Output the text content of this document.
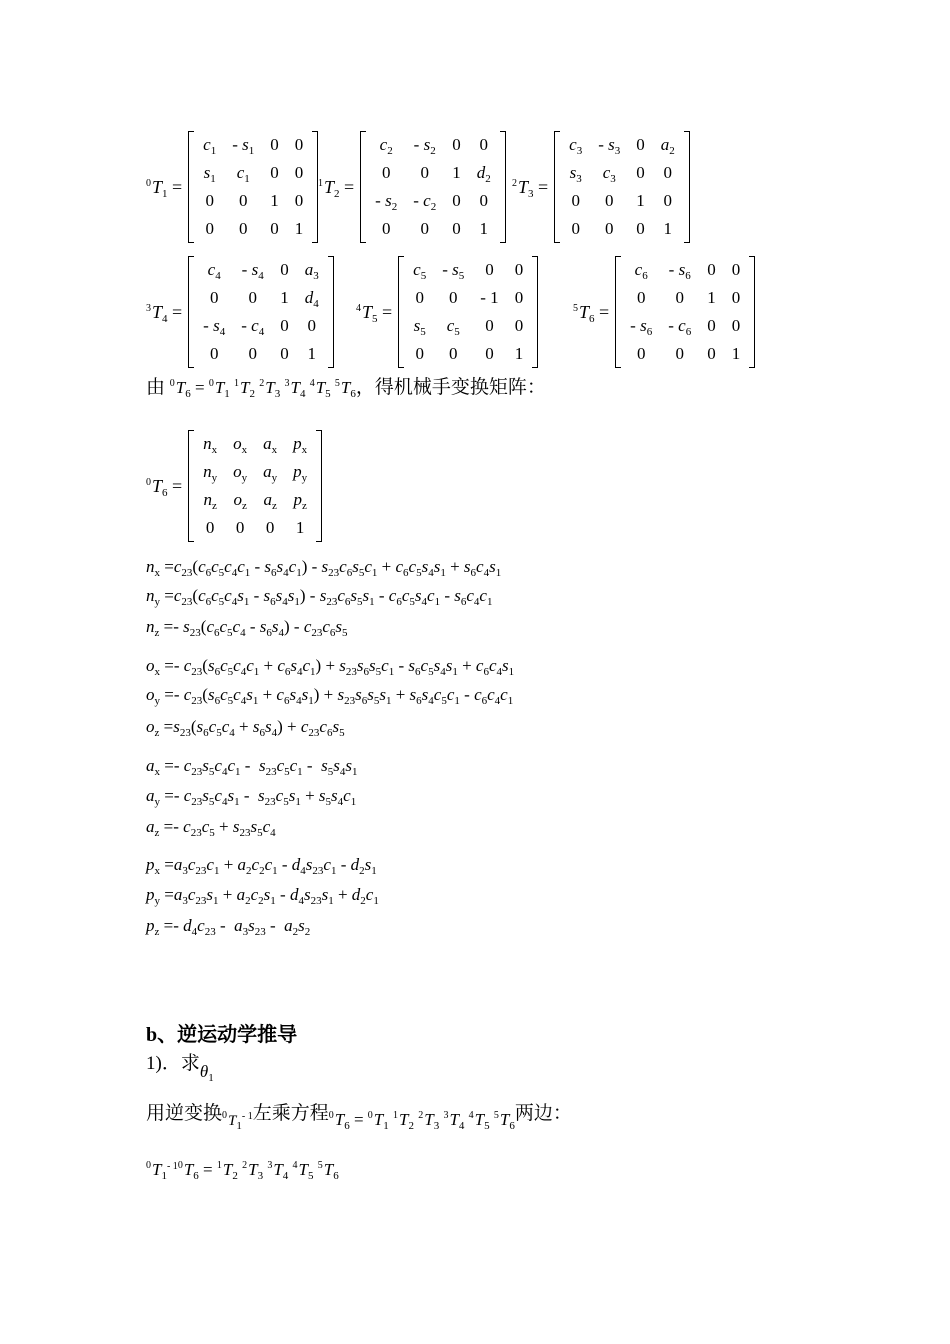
$^0T_1$ =
$c_1$	- $s_1$	0	0
$s_1$	$c_1$	0	0
0	0	1	0
0	0	0	1
$^1T_2$ =
$c_2$	- $s_2$	0	0
0	0	1	$d_2$
- $s_2$	- $c_2$	0	0
0	0	0	1
$^2T_3$ =
$c_3$	- $s_3$	0	$a_2$
$s_3$	$c_3$	0	0
0	0	1	0
0	0	0	1
$^3T_4$ =
$c_4$	- $s_4$	0	$a_3$
0	0	1	$d_4$
- $s_4$	- $c_4$	0	0
0	0	0	1
$^4T_5$ =
$c_5$	- $s_5$	0	0
0	0	- 1	0
$s_5$	$c_5$	0	0
0	0	0	1
$^5T_6$ =
$c_6$	- $s_6$	0	0
0	0	1	0
- $s_6$	- $c_6$	0	0
0	0	0	1
由 $^0T_6 = ^0T_1$ $^1T_2$ $^2T_3$ $^3T_4$ $^4T_5$ $^5T_6$，得机械手变换矩阵：
$^0T_6$ =
$n_x$	$o_x$	$a_x$	$p_x$
$n_y$	$o_y$	$a_y$	$p_y$
$n_z$	$o_z$	$a_z$	$p_z$
0	0	0	1
$n_x =c_{23}(c_6c_5c_4c_1 - s_6s_4c_1) - s_{23}c_6s_5c_1 + c_6c_5s_4s_1 + s_6c_4s_1$
$n_y =c_{23}(c_6c_5c_4s_1 - s_6s_4s_1) - s_{23}c_6s_5s_1 - c_6c_5s_4c_1 - s_6c_4c_1$
$n_z =- s_{23}(c_6c_5c_4 - s_6s_4) - c_{23}c_6s_5$
$o_x =- c_{23}(s_6c_5c_4c_1 + c_6s_4c_1) + s_{23}s_6s_5c_1 - s_6c_5s_4s_1 + c_6c_4s_1$
$o_y =- c_{23}(s_6c_5c_4s_1 + c_6s_4s_1) + s_{23}s_6s_5s_1 + s_6s_4c_5c_1 - c_6c_4c_1$
$o_z =s_{23}(s_6c_5c_4 + s_6s_4) + c_{23}c_6s_5$
$a_x =- c_{23}s_5c_4c_1 - s_{23}c_5c_1 - s_5s_4s_1$
$a_y =- c_{23}s_5c_4s_1 - s_{23}c_5s_1 + s_5s_4c_1$
$a_z =- c_{23}c_5 + s_{23}s_5c_4$
$p_x =a_3c_{23}c_1 + a_2c_2c_1 - d_4s_{23}c_1 - d_2s_1$
$p_y =a_3c_{23}s_1 + a_2c_2s_1 - d_4s_{23}s_1 + d_2c_1$
$p_z =- d_4c_{23} - a_3s_{23} - a_2s_2$
b、逆运动学推导
1)．求$\theta_1$
用逆变换$_{^0T_1^{- 1}}$左乘方程$^0T_6 = ^0T_1$ $^1T_2$ $^2T_3$ $^3T_4$ $^4T_5$ $^5T_6$两边：
$^0T_1^{- 10}T_6 = ^1T_2$ $^2T_3$ $^3T_4$ $^4T_5$ $^5T_6$
